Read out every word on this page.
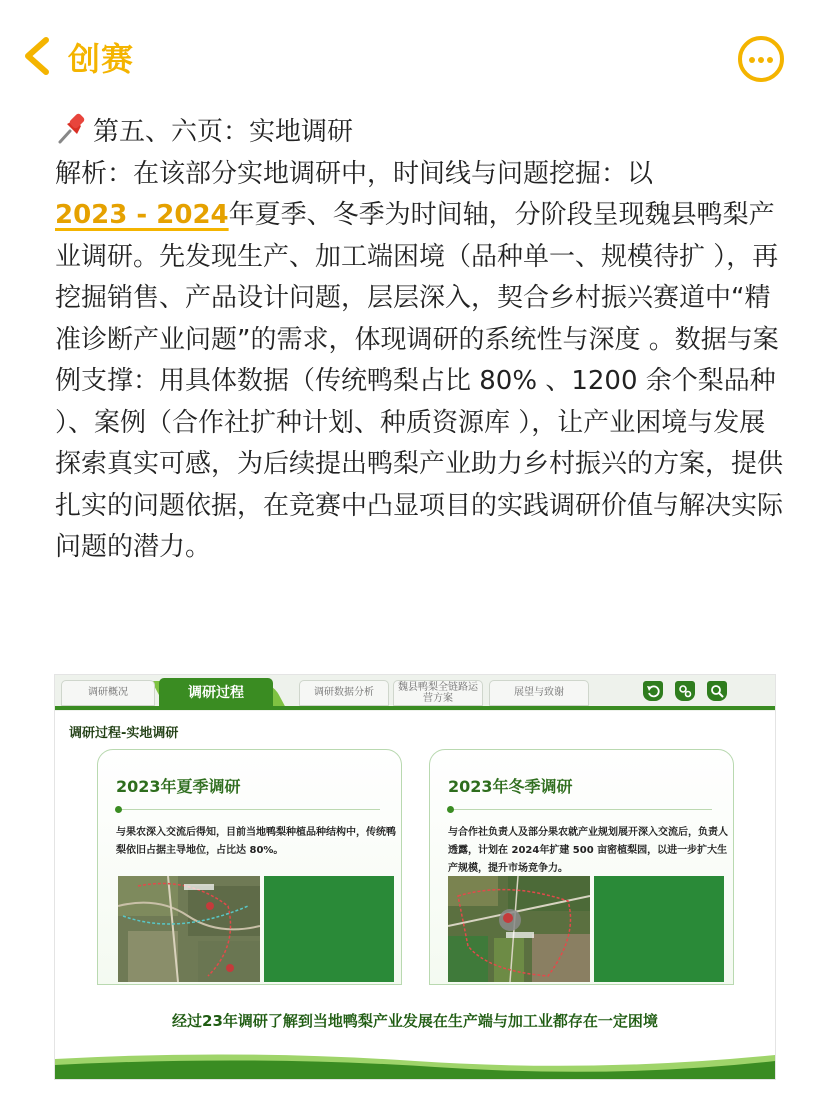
创赛

第五、六页：实地调研

解析：在该部分实地调研中，时间线与问题挖掘：以
2023 - 2024年夏季、冬季为时间轴，分阶段呈现魏县鸭梨产业调研。先发现生产、加工端困境（品种单一、规模待扩 ），再挖掘销售、产品设计问题，层层深入，契合乡村振兴赛道中“精准诊断产业问题”的需求，体现调研的系统性与深度 。数据与案例支撑：用具体数据（传统鸭梨占比 80% 、1200 余个梨品种 ）、案例（合作社扩种计划、种质资源库 ），让产业困境与发展探索真实可感，为后续提出鸭梨产业助力乡村振兴的方案，提供扎实的问题依据，在竞赛中凸显项目的实践调研价值与解决实际问题的潜力。

调研概况	调研过程	调研数据分析	魏县鸭梨全链路运营方案
展望与致谢
调研过程-实地调研
2023年夏季调研
与果农深入交流后得知，目前当地鸭梨种植品种结构中，传统鸭梨依旧占据主导地位，占比达 80%。
2023年冬季调研
与合作社负责人及部分果农就产业规划展开深入交流后，负责人透露，计划在 2024年扩建 500 亩密植梨园，以进一步扩大生产规模，提升市场竞争力。
经过23年调研了解到当地鸭梨产业发展在生产端与加工业都存在一定困境
